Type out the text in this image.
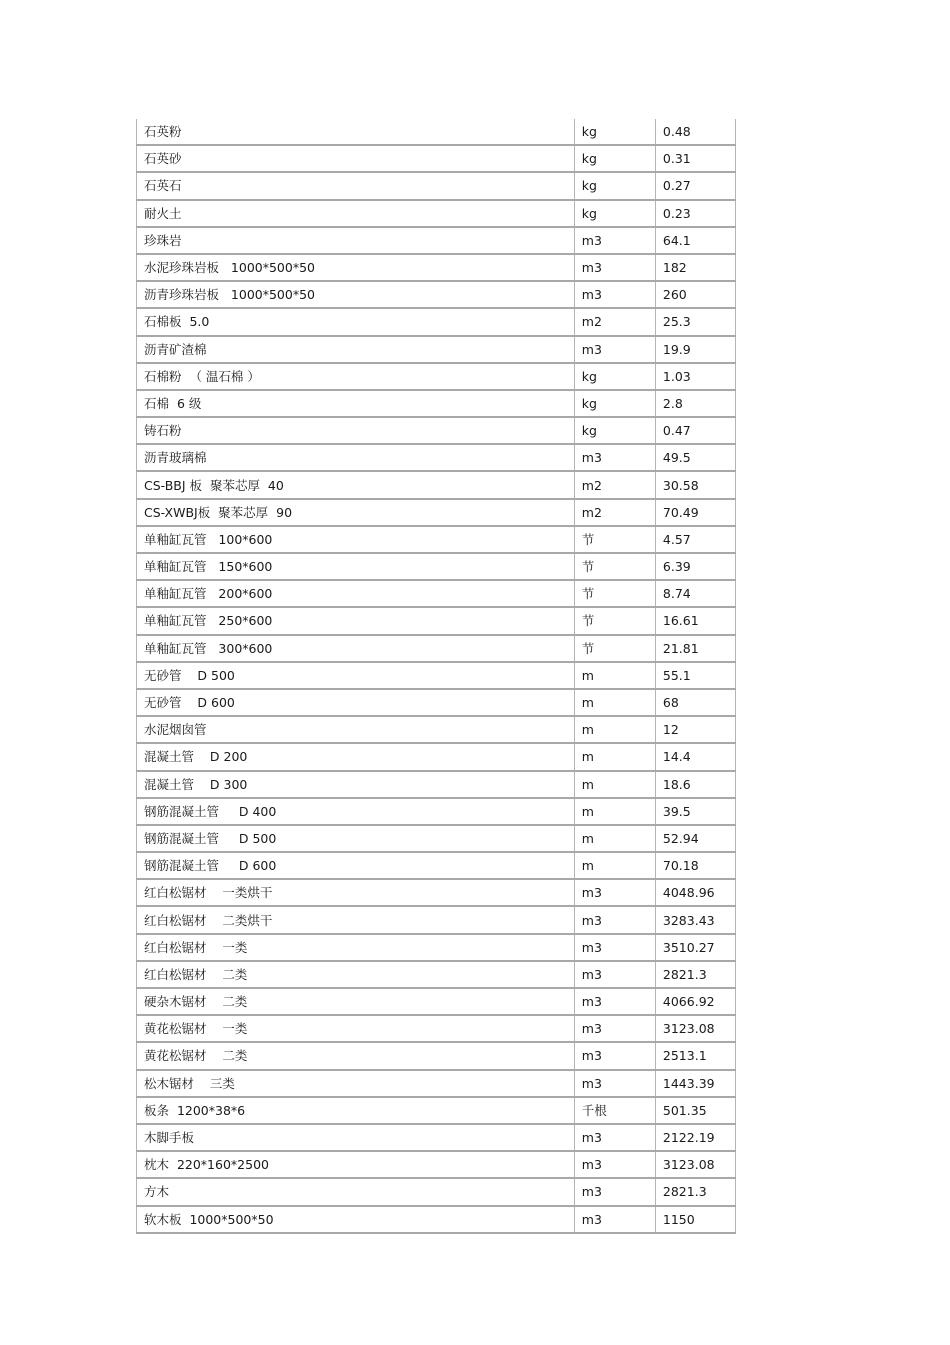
石英粉	kg	0.48
石英砂	kg	0.31
石英石	kg	0.27
耐火土	kg	0.23
珍珠岩	m3	64.1
水泥珍珠岩板   1000*500*50	m3	182
沥青珍珠岩板   1000*500*50	m3	260
石棉板  5.0	m2	25.3
沥青矿渣棉	m3	19.9
石棉粉  （ 温石棉 ）	kg	1.03
石棉  6 级	kg	2.8
铸石粉	kg	0.47
沥青玻璃棉	m3	49.5
CS-BBJ 板  聚苯芯厚  40	m2	30.58
CS-XWBJ板  聚苯芯厚  90	m2	70.49
单釉缸瓦管   100*600	节	4.57
单釉缸瓦管   150*600	节	6.39
单釉缸瓦管   200*600	节	8.74
单釉缸瓦管   250*600	节	16.61
单釉缸瓦管   300*600	节	21.81
无砂管    D 500	m	55.1
无砂管    D 600	m	68
水泥烟囱管	m	12
混凝土管    D 200	m	14.4
混凝土管    D 300	m	18.6
钢筋混凝土管     D 400	m	39.5
钢筋混凝土管     D 500	m	52.94
钢筋混凝土管     D 600	m	70.18
红白松锯材    一类烘干	m3	4048.96
红白松锯材    二类烘干	m3	3283.43
红白松锯材    一类	m3	3510.27
红白松锯材    二类	m3	2821.3
硬杂木锯材    二类	m3	4066.92
黄花松锯材    一类	m3	3123.08
黄花松锯材    二类	m3	2513.1
松木锯材    三类	m3	1443.39
板条  1200*38*6	千根	501.35
木脚手板	m3	2122.19
枕木  220*160*2500	m3	3123.08
方木	m3	2821.3
软木板  1000*500*50	m3	1150
